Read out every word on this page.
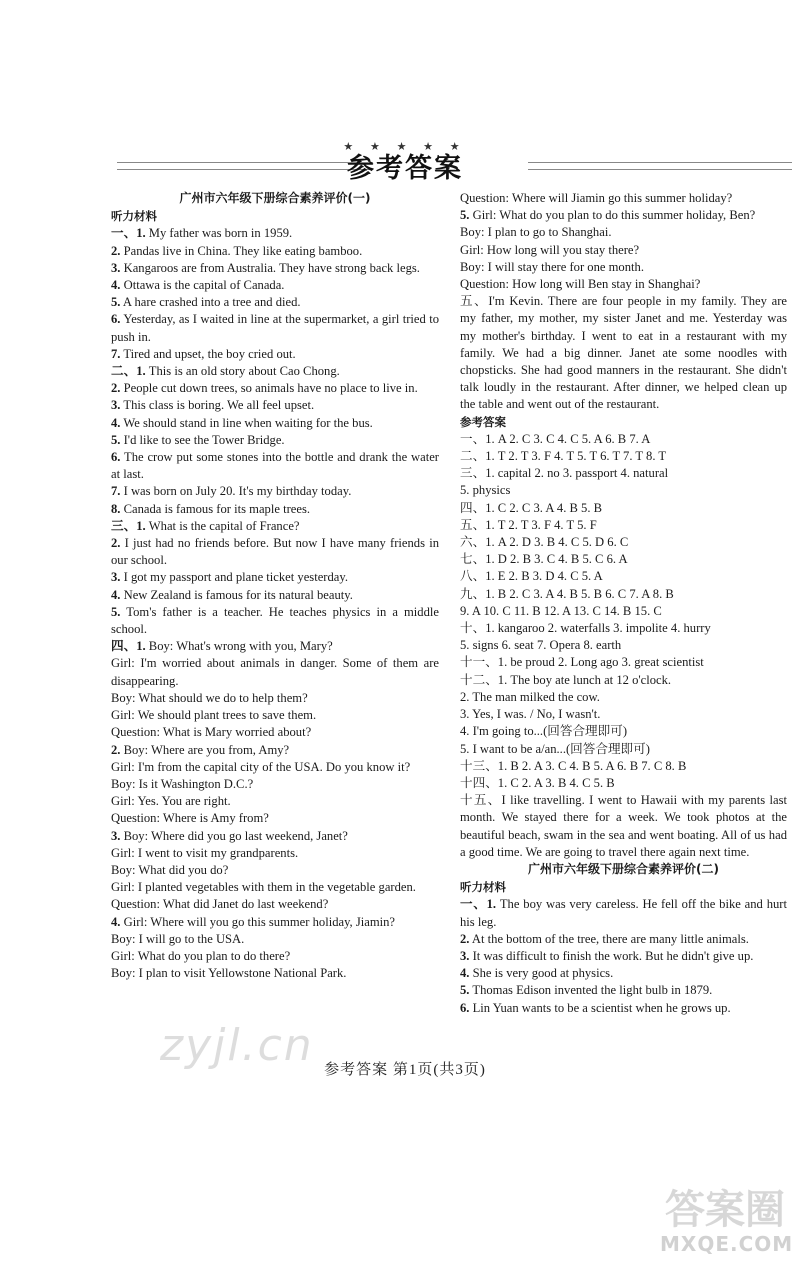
★ ★ ★ ★ ★
参考答案

广州市六年级下册综合素养评价(一)

听力材料

一、1. My father was born in 1959.

2. Pandas live in China. They like eating bamboo.

3. Kangaroos are from Australia. They have strong back legs.

4. Ottawa is the capital of Canada.

5. A hare crashed into a tree and died.

6. Yesterday, as I waited in line at the supermarket, a girl tried to push in.

7. Tired and upset, the boy cried out.

二、1. This is an old story about Cao Chong.

2. People cut down trees, so animals have no place to live in.

3. This class is boring. We all feel upset.

4. We should stand in line when waiting for the bus.

5. I'd like to see the Tower Bridge.

6. The crow put some stones into the bottle and drank the water at last.

7. I was born on July 20. It's my birthday today.

8. Canada is famous for its maple trees.

三、1. What is the capital of France?

2. I just had no friends before. But now I have many friends in our school.

3. I got my passport and plane ticket yesterday.

4. New Zealand is famous for its natural beauty.

5. Tom's father is a teacher. He teaches physics in a middle school.

四、1. Boy: What's wrong with you, Mary?

Girl: I'm worried about animals in danger. Some of them are disappearing.

Boy: What should we do to help them?

Girl: We should plant trees to save them.

Question: What is Mary worried about?

2. Boy: Where are you from, Amy?

Girl: I'm from the capital city of the USA. Do you know it?

Boy: Is it Washington D.C.?

Girl: Yes. You are right.

Question: Where is Amy from?

3. Boy: Where did you go last weekend, Janet?

Girl: I went to visit my grandparents.

Boy: What did you do?

Girl: I planted vegetables with them in the vegetable garden.

Question: What did Janet do last weekend?

4. Girl: Where will you go this summer holiday, Jiamin?

Boy: I will go to the USA.

Girl: What do you plan to do there?

Boy: I plan to visit Yellowstone National Park.

Question: Where will Jiamin go this summer holiday?

5. Girl: What do you plan to do this summer holiday, Ben?

Boy: I plan to go to Shanghai.

Girl: How long will you stay there?

Boy: I will stay there for one month.

Question: How long will Ben stay in Shanghai?

五、I'm Kevin. There are four people in my family. They are my father, my mother, my sister Janet and me. Yesterday was my mother's birthday. I went to eat in a restaurant with my family. We had a big dinner. Janet ate some noodles with chopsticks. She had good manners in the restaurant. She didn't talk loudly in the restaurant. After dinner, we helped clean up the table and went out of the restaurant.

参考答案

一、1. A 2. C 3. C 4. C 5. A 6. B 7. A

二、1. T 2. T 3. F 4. T 5. T 6. T 7. T 8. T

三、1. capital 2. no 3. passport 4. natural

5. physics

四、1. C 2. C 3. A 4. B 5. B

五、1. T 2. T 3. F 4. T 5. F

六、1. A 2. D 3. B 4. C 5. D 6. C

七、1. D 2. B 3. C 4. B 5. C 6. A

八、1. E 2. B 3. D 4. C 5. A

九、1. B 2. C 3. A 4. B 5. B 6. C 7. A 8. B

9. A 10. C 11. B 12. A 13. C 14. B 15. C

十、1. kangaroo 2. waterfalls 3. impolite 4. hurry

5. signs 6. seat 7. Opera 8. earth

十一、1. be proud 2. Long ago 3. great scientist

十二、1. The boy ate lunch at 12 o'clock.

2. The man milked the cow.

3. Yes, I was. / No, I wasn't.

4. I'm going to...(回答合理即可)

5. I want to be a/an...(回答合理即可)

十三、1. B 2. A 3. C 4. B 5. A 6. B 7. C 8. B

十四、1. C 2. A 3. B 4. C 5. B

十五、I like travelling. I went to Hawaii with my parents last month. We stayed there for a week. We took photos at the beautiful beach, swam in the sea and went boating. All of us had a good time. We are going to travel there again next time.

广州市六年级下册综合素养评价(二)

听力材料

一、1. The boy was very careless. He fell off the bike and hurt his leg.

2. At the bottom of the tree, there are many little animals.

3. It was difficult to finish the work. But he didn't give up.

4. She is very good at physics.

5. Thomas Edison invented the light bulb in 1879.

6. Lin Yuan wants to be a scientist when he grows up.

zyjl.cn 参考答案 第1页(共3页)
答案圈
MXQE.COM
